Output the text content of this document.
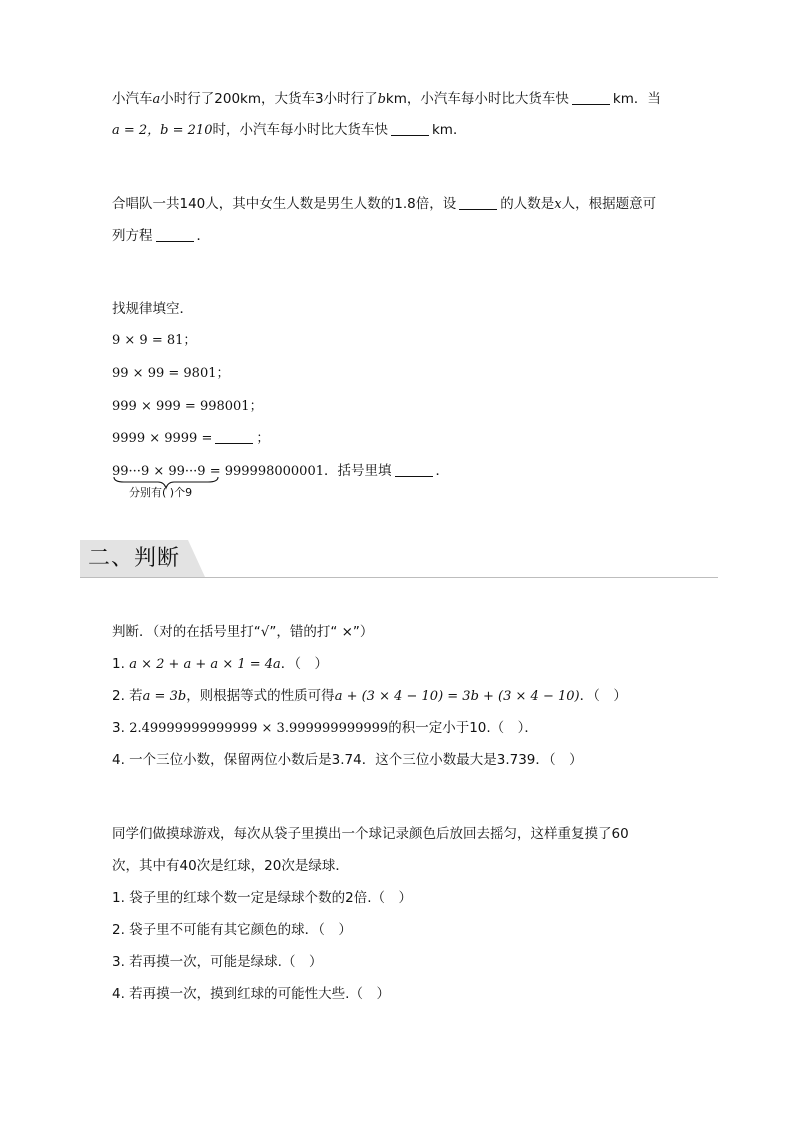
小汽车a小时行了200km，大货车3小时行了bkm，小汽车每小时比大货车快	km．当
a = 2，b = 210时，小汽车每小时比大货车快	km．
合唱队一共140人，其中女生人数是男生人数的1.8倍，设	的人数是x人，根据题意可
列方程	．
找规律填空．
9 × 9 = 81；
99 × 99 = 9801；
999 × 999 = 998001；
9999 × 9999 =	；
99···9 × 99···9 = 999998000001．括号里填	．
分别有( )个9
二、判断
判断．（对的在括号里打“√”，错的打“ ×”）
1. a × 2 + a + a × 1 = 4a．（　）
2. 若a = 3b，则根据等式的性质可得a + (3 × 4 − 10) = 3b + (3 × 4 − 10)．（　）
3. 2.49999999999999 × 3.999999999999的积一定小于10.（　）．
4. 一个三位小数，保留两位小数后是3.74．这个三位小数最大是3.739．（　）
同学们做摸球游戏，每次从袋子里摸出一个球记录颜色后放回去摇匀，这样重复摸了60
次，其中有40次是红球，20次是绿球．
1. 袋子里的红球个数一定是绿球个数的2倍.（　）
2. 袋子里不可能有其它颜色的球．（　）
3. 若再摸一次，可能是绿球.（　）
4. 若再摸一次，摸到红球的可能性大些.（　）
